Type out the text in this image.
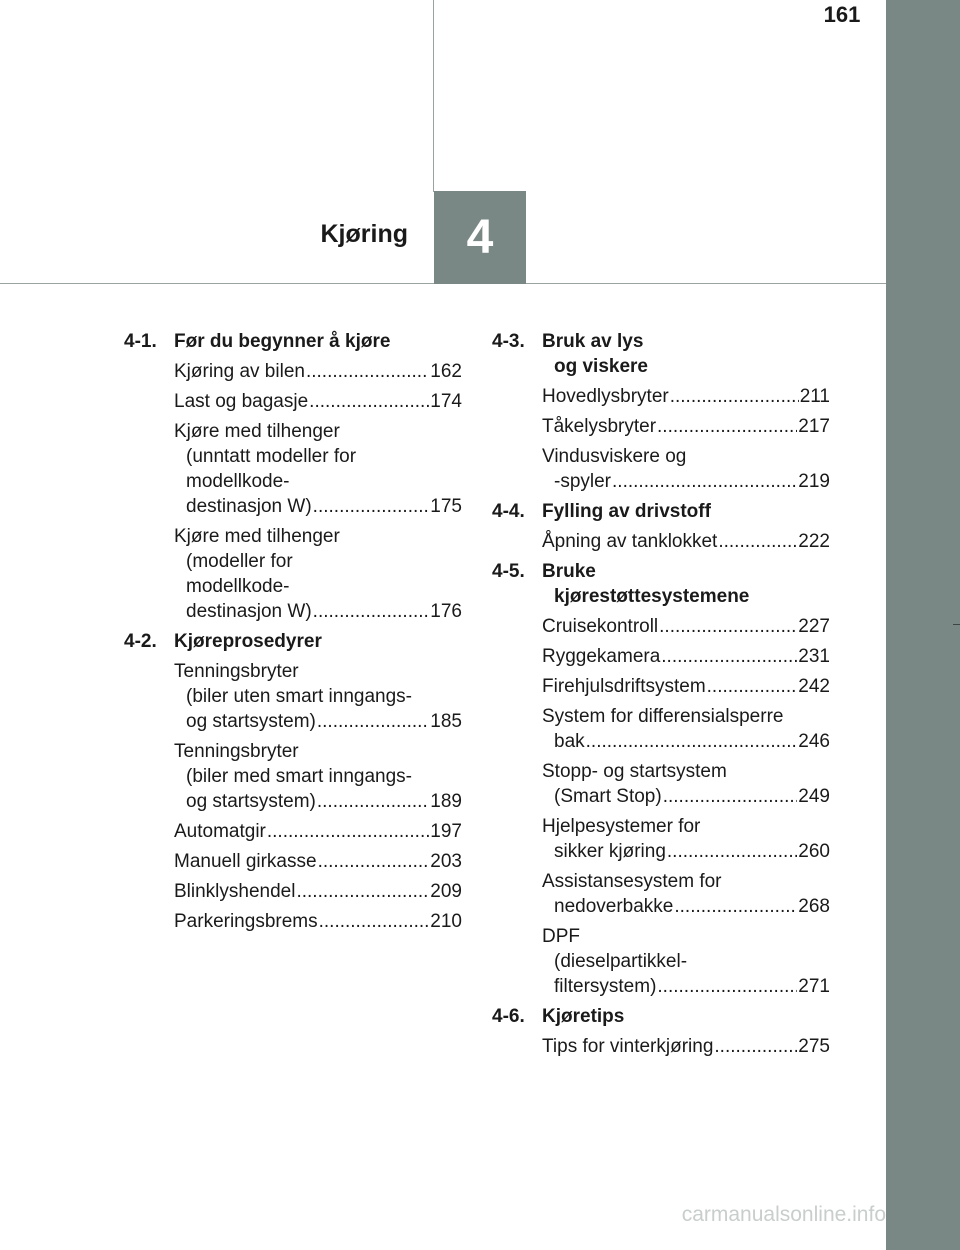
161
Kjøring	4
4-1. Før du begynner å kjøre
Kjøring av bilen .....	162
Last og bagasje .....	174
Kjøre med tilhenger
(unntatt modeller for
modellkode-
destinasjon W) .....	175
Kjøre med tilhenger
(modeller for
modellkode-
destinasjon W) .....	176
4-2. Kjøreprosedyrer
Tenningsbryter
(biler uten smart inngangs-
og startsystem) .....	185
Tenningsbryter
(biler med smart inngangs-
og startsystem) .....	189
Automatgir .....	197
Manuell girkasse .....	203
Blinklyshendel .....	209
Parkeringsbrems .....	210
4-3. Bruk av lys
og viskere
Hovedlysbryter .....	211
Tåkelysbryter .....	217
Vindusviskere og
-spyler .....	219
4-4. Fylling av drivstoff
Åpning av tanklokket .....	222
4-5. Bruke
kjørestøttesystemene
Cruisekontroll .....	227
Ryggekamera .....	231
Firehjulsdriftsystem .....	242
System for differensialsperre
bak .....	246
Stopp- og startsystem
(Smart Stop) .....	249
Hjelpesystemer for
sikker kjøring .....	260
Assistansesystem for
nedoverbakke .....	268
DPF
(dieselpartikkel-
filtersystem) .....	271
4-6. Kjøretips
Tips for vinterkjøring .....	275
carmanualsonline.info
